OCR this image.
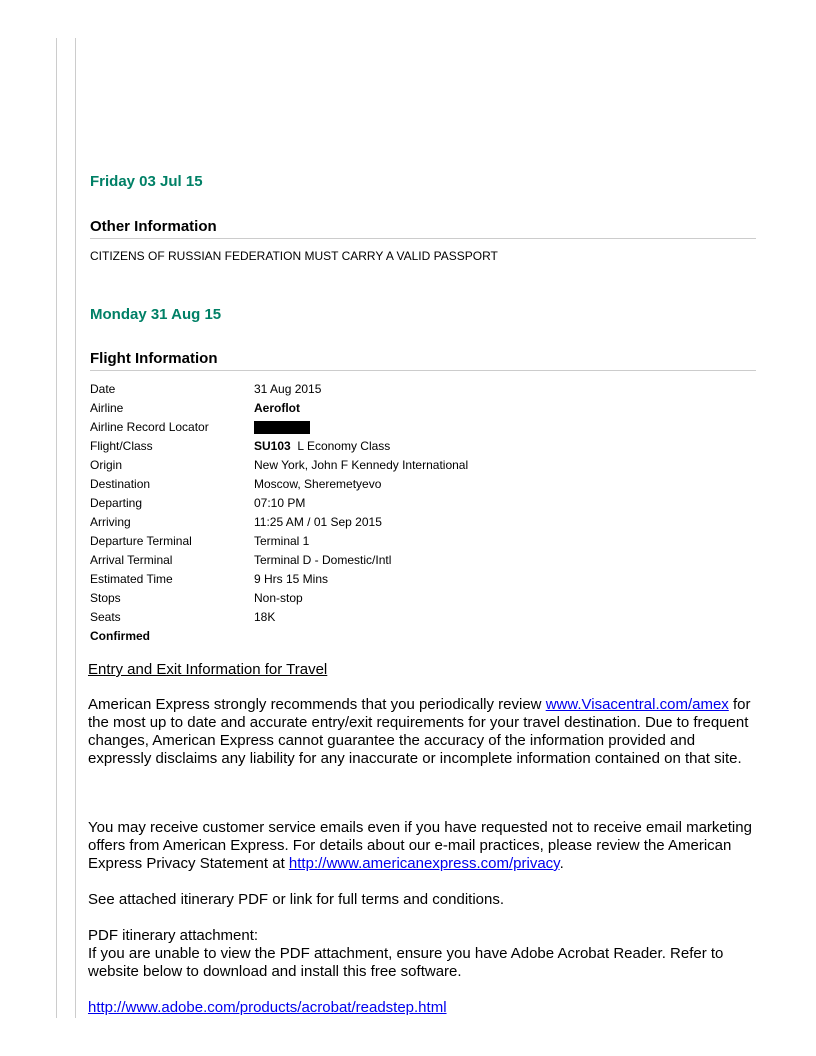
Friday 03 Jul 15
Other Information

CITIZENS OF RUSSIAN FEDERATION MUST CARRY A VALID PASSPORT

Monday 31 Aug 15
Flight Information
Date	31 Aug 2015
Airline	Aeroflot
Airline Record Locator	
Flight/Class	SU103 L Economy Class
Origin	New York, John F Kennedy International
Destination	Moscow, Sheremetyevo
Departing	07:10 PM
Arriving	11:25 AM / 01 Sep 2015
Departure Terminal	Terminal 1
Arrival Terminal	Terminal D - Domestic/Intl
Estimated Time	9 Hrs 15 Mins
Stops	Non-stop
Seats	18K
Confirmed	

Entry and Exit Information for Travel

American Express strongly recommends that you periodically review www.Visacentral.com/amex for the most up to date and accurate entry/exit requirements for your travel destination. Due to frequent changes, American Express cannot guarantee the accuracy of the information provided and expressly disclaims any liability for any inaccurate or incomplete information contained on that site.

You may receive customer service emails even if you have requested not to receive email marketing offers from American Express. For details about our e-mail practices, please review the American Express Privacy Statement at http://www.americanexpress.com/privacy.

See attached itinerary PDF or link for full terms and conditions.

PDF itinerary attachment:

If you are unable to view the PDF attachment, ensure you have Adobe Acrobat Reader. Refer to website below to download and install this free software.

http://www.adobe.com/products/acrobat/readstep.html
